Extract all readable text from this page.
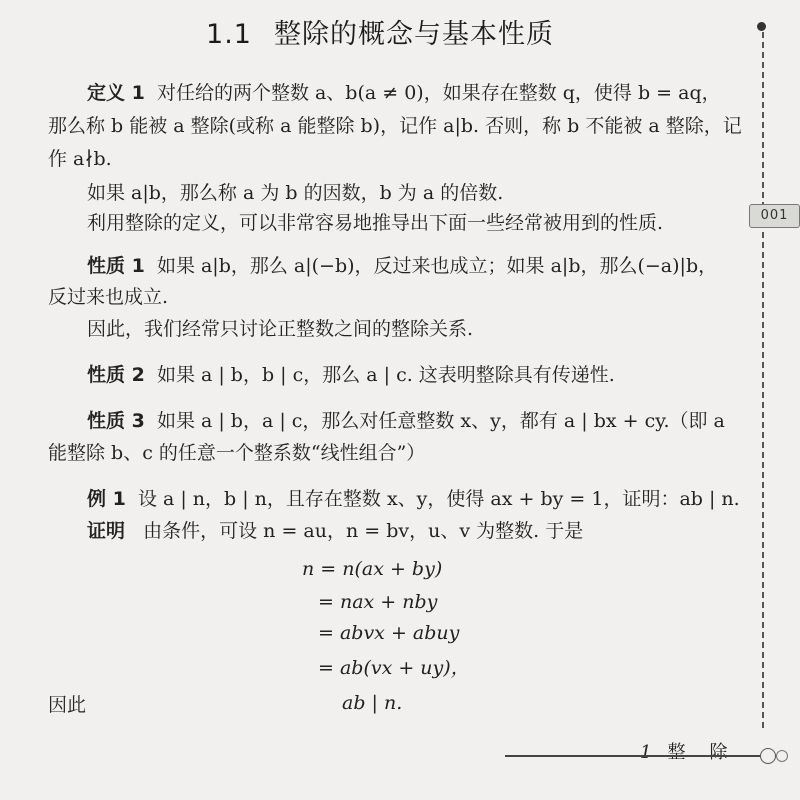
1.1 整除的概念与基本性质
001
定义 1 对任给的两个整数 a、b(a ≠ 0)，如果存在整数 q，使得 b = aq，
那么称 b 能被 a 整除(或称 a 能整除 b)，记作 a|b. 否则，称 b 不能被 a 整除，记
作 a∤b.
如果 a|b，那么称 a 为 b 的因数，b 为 a 的倍数.
利用整除的定义，可以非常容易地推导出下面一些经常被用到的性质.
性质 1 如果 a|b，那么 a|(−b)，反过来也成立；如果 a|b，那么(−a)|b，
反过来也成立.
因此，我们经常只讨论正整数之间的整除关系.
性质 2 如果 a | b，b | c，那么 a | c. 这表明整除具有传递性.
性质 3 如果 a | b，a | c，那么对任意整数 x、y，都有 a | bx + cy.（即 a
能整除 b、c 的任意一个整系数“线性组合”）
例 1 设 a | n，b | n，且存在整数 x、y，使得 ax + by = 1，证明：ab | n.
证明 由条件，可设 n = au，n = bv，u、v 为整数. 于是
n = n(ax + by)
= nax + nby
= abvx + abuy
= ab(vx + uy)，
因此	ab | n.
1 整除
